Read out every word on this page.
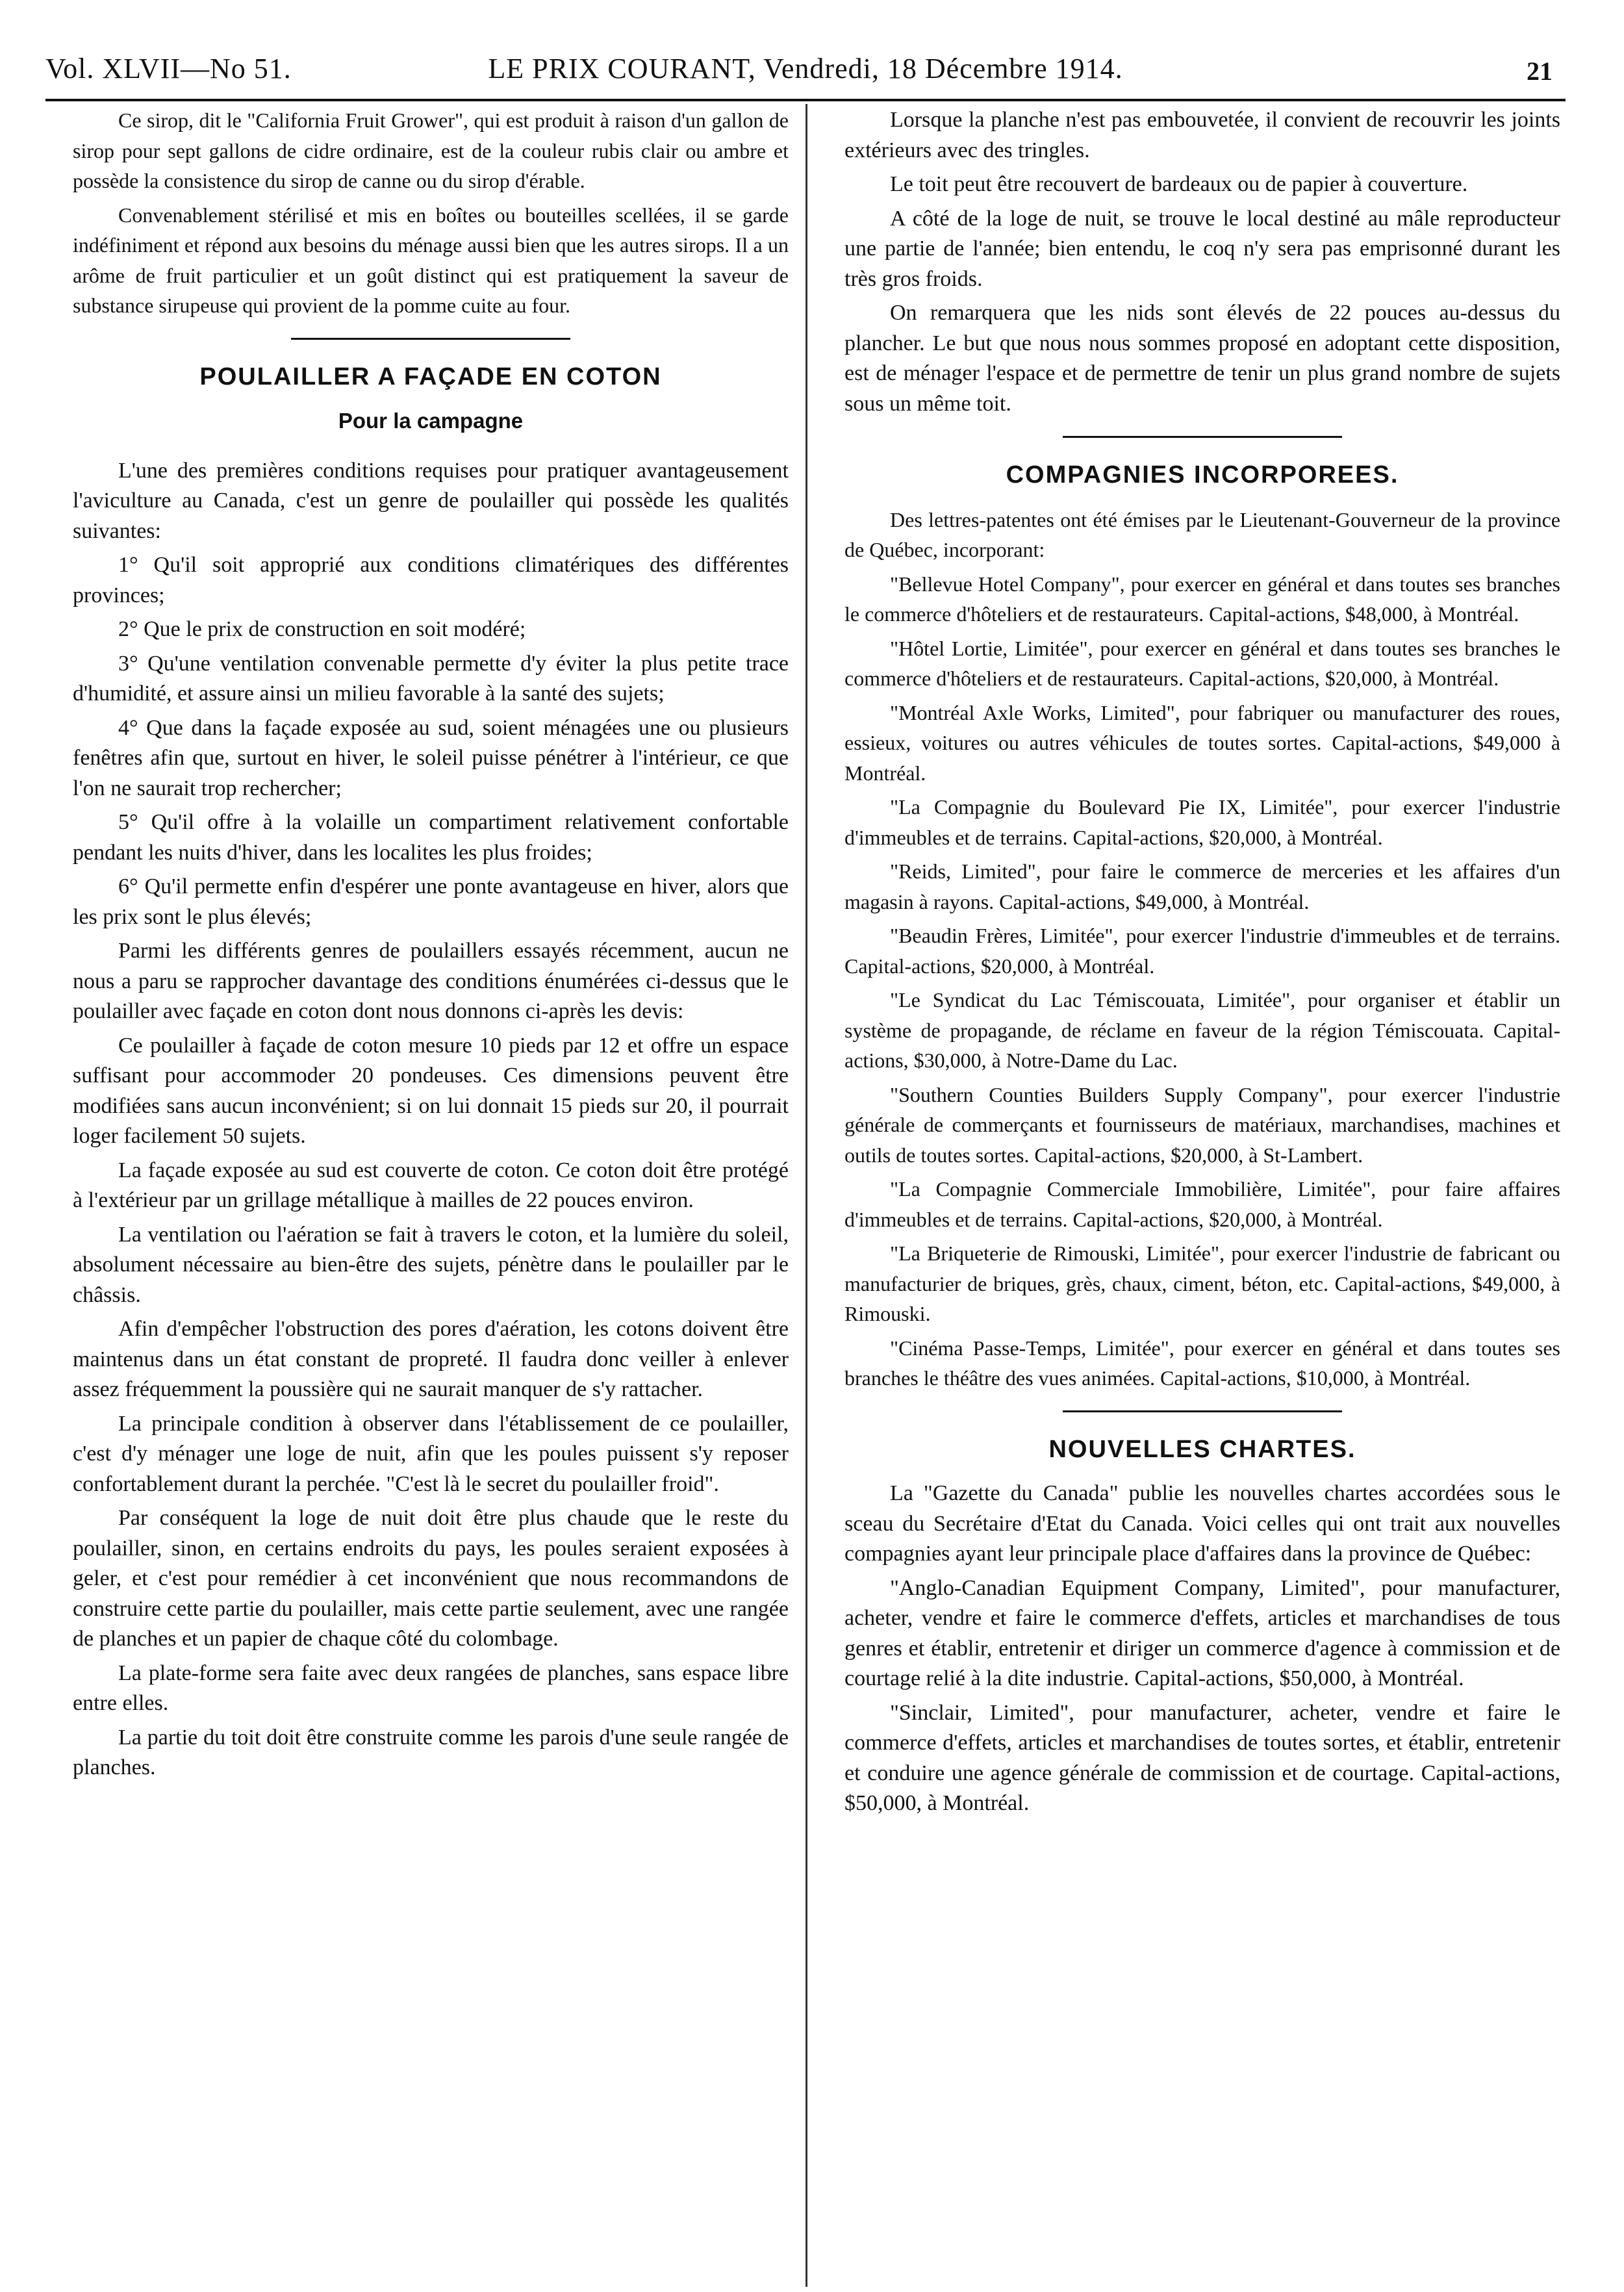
Vol. XLVII—No 51.	LE PRIX COURANT, Vendredi, 18 Décembre 1914.	21

Ce sirop, dit le "California Fruit Grower", qui est produit à raison d'un gallon de sirop pour sept gallons de cidre ordinaire, est de la couleur rubis clair ou ambre et possède la consistence du sirop de canne ou du sirop d'érable.

Convenablement stérilisé et mis en boîtes ou bouteilles scellées, il se garde indéfiniment et répond aux besoins du ménage aussi bien que les autres sirops. Il a un arôme de fruit particulier et un goût distinct qui est pratiquement la saveur de substance sirupeuse qui provient de la pomme cuite au four.

POULAILLER A FAÇADE EN COTON
Pour la campagne

L'une des premières conditions requises pour pratiquer avantageusement l'aviculture au Canada, c'est un genre de poulailler qui possède les qualités suivantes:

1° Qu'il soit approprié aux conditions climatériques des différentes provinces;

2° Que le prix de construction en soit modéré;

3° Qu'une ventilation convenable permette d'y éviter la plus petite trace d'humidité, et assure ainsi un milieu favorable à la santé des sujets;

4° Que dans la façade exposée au sud, soient ménagées une ou plusieurs fenêtres afin que, surtout en hiver, le soleil puisse pénétrer à l'intérieur, ce que l'on ne saurait trop rechercher;

5° Qu'il offre à la volaille un compartiment relativement confortable pendant les nuits d'hiver, dans les localites les plus froides;

6° Qu'il permette enfin d'espérer une ponte avantageuse en hiver, alors que les prix sont le plus élevés;

Parmi les différents genres de poulaillers essayés récemment, aucun ne nous a paru se rapprocher davantage des conditions énumérées ci-dessus que le poulailler avec façade en coton dont nous donnons ci-après les devis:

Ce poulailler à façade de coton mesure 10 pieds par 12 et offre un espace suffisant pour accommoder 20 pondeuses. Ces dimensions peuvent être modifiées sans aucun inconvénient; si on lui donnait 15 pieds sur 20, il pourrait loger facilement 50 sujets.

La façade exposée au sud est couverte de coton. Ce coton doit être protégé à l'extérieur par un grillage métallique à mailles de 22 pouces environ.

La ventilation ou l'aération se fait à travers le coton, et la lumière du soleil, absolument nécessaire au bien-être des sujets, pénètre dans le poulailler par le châssis.

Afin d'empêcher l'obstruction des pores d'aération, les cotons doivent être maintenus dans un état constant de propreté. Il faudra donc veiller à enlever assez fréquemment la poussière qui ne saurait manquer de s'y rattacher.

La principale condition à observer dans l'établissement de ce poulailler, c'est d'y ménager une loge de nuit, afin que les poules puissent s'y reposer confortablement durant la perchée. "C'est là le secret du poulailler froid".

Par conséquent la loge de nuit doit être plus chaude que le reste du poulailler, sinon, en certains endroits du pays, les poules seraient exposées à geler, et c'est pour remédier à cet inconvénient que nous recommandons de construire cette partie du poulailler, mais cette partie seulement, avec une rangée de planches et un papier de chaque côté du colombage.

La plate-forme sera faite avec deux rangées de planches, sans espace libre entre elles.

La partie du toit doit être construite comme les parois d'une seule rangée de planches.

Lorsque la planche n'est pas embouvetée, il convient de recouvrir les joints extérieurs avec des tringles.

Le toit peut être recouvert de bardeaux ou de papier à couverture.

A côté de la loge de nuit, se trouve le local destiné au mâle reproducteur une partie de l'année; bien entendu, le coq n'y sera pas emprisonné durant les très gros froids.

On remarquera que les nids sont élevés de 22 pouces au-dessus du plancher. Le but que nous nous sommes proposé en adoptant cette disposition, est de ménager l'espace et de permettre de tenir un plus grand nombre de sujets sous un même toit.

COMPAGNIES INCORPOREES.

Des lettres-patentes ont été émises par le Lieutenant-Gouverneur de la province de Québec, incorporant:

"Bellevue Hotel Company", pour exercer en général et dans toutes ses branches le commerce d'hôteliers et de restaurateurs. Capital-actions, $48,000, à Montréal.

"Hôtel Lortie, Limitée", pour exercer en général et dans toutes ses branches le commerce d'hôteliers et de restaurateurs. Capital-actions, $20,000, à Montréal.

"Montréal Axle Works, Limited", pour fabriquer ou manufacturer des roues, essieux, voitures ou autres véhicules de toutes sortes. Capital-actions, $49,000 à Montréal.

"La Compagnie du Boulevard Pie IX, Limitée", pour exercer l'industrie d'immeubles et de terrains. Capital-actions, $20,000, à Montréal.

"Reids, Limited", pour faire le commerce de merceries et les affaires d'un magasin à rayons. Capital-actions, $49,000, à Montréal.

"Beaudin Frères, Limitée", pour exercer l'industrie d'immeubles et de terrains. Capital-actions, $20,000, à Montréal.

"Le Syndicat du Lac Témiscouata, Limitée", pour organiser et établir un système de propagande, de réclame en faveur de la région Témiscouata. Capital-actions, $30,000, à Notre-Dame du Lac.

"Southern Counties Builders Supply Company", pour exercer l'industrie générale de commerçants et fournisseurs de matériaux, marchandises, machines et outils de toutes sortes. Capital-actions, $20,000, à St-Lambert.

"La Compagnie Commerciale Immobilière, Limitée", pour faire affaires d'immeubles et de terrains. Capital-actions, $20,000, à Montréal.

"La Briqueterie de Rimouski, Limitée", pour exercer l'industrie de fabricant ou manufacturier de briques, grès, chaux, ciment, béton, etc. Capital-actions, $49,000, à Rimouski.

"Cinéma Passe-Temps, Limitée", pour exercer en général et dans toutes ses branches le théâtre des vues animées. Capital-actions, $10,000, à Montréal.

NOUVELLES CHARTES.

La "Gazette du Canada" publie les nouvelles chartes accordées sous le sceau du Secrétaire d'Etat du Canada. Voici celles qui ont trait aux nouvelles compagnies ayant leur principale place d'affaires dans la province de Québec:

"Anglo-Canadian Equipment Company, Limited", pour manufacturer, acheter, vendre et faire le commerce d'effets, articles et marchandises de tous genres et établir, entretenir et diriger un commerce d'agence à commission et de courtage relié à la dite industrie. Capital-actions, $50,000, à Montréal.

"Sinclair, Limited", pour manufacturer, acheter, vendre et faire le commerce d'effets, articles et marchandises de toutes sortes, et établir, entretenir et conduire une agence générale de commission et de courtage. Capital-actions, $50,000, à Montréal.
